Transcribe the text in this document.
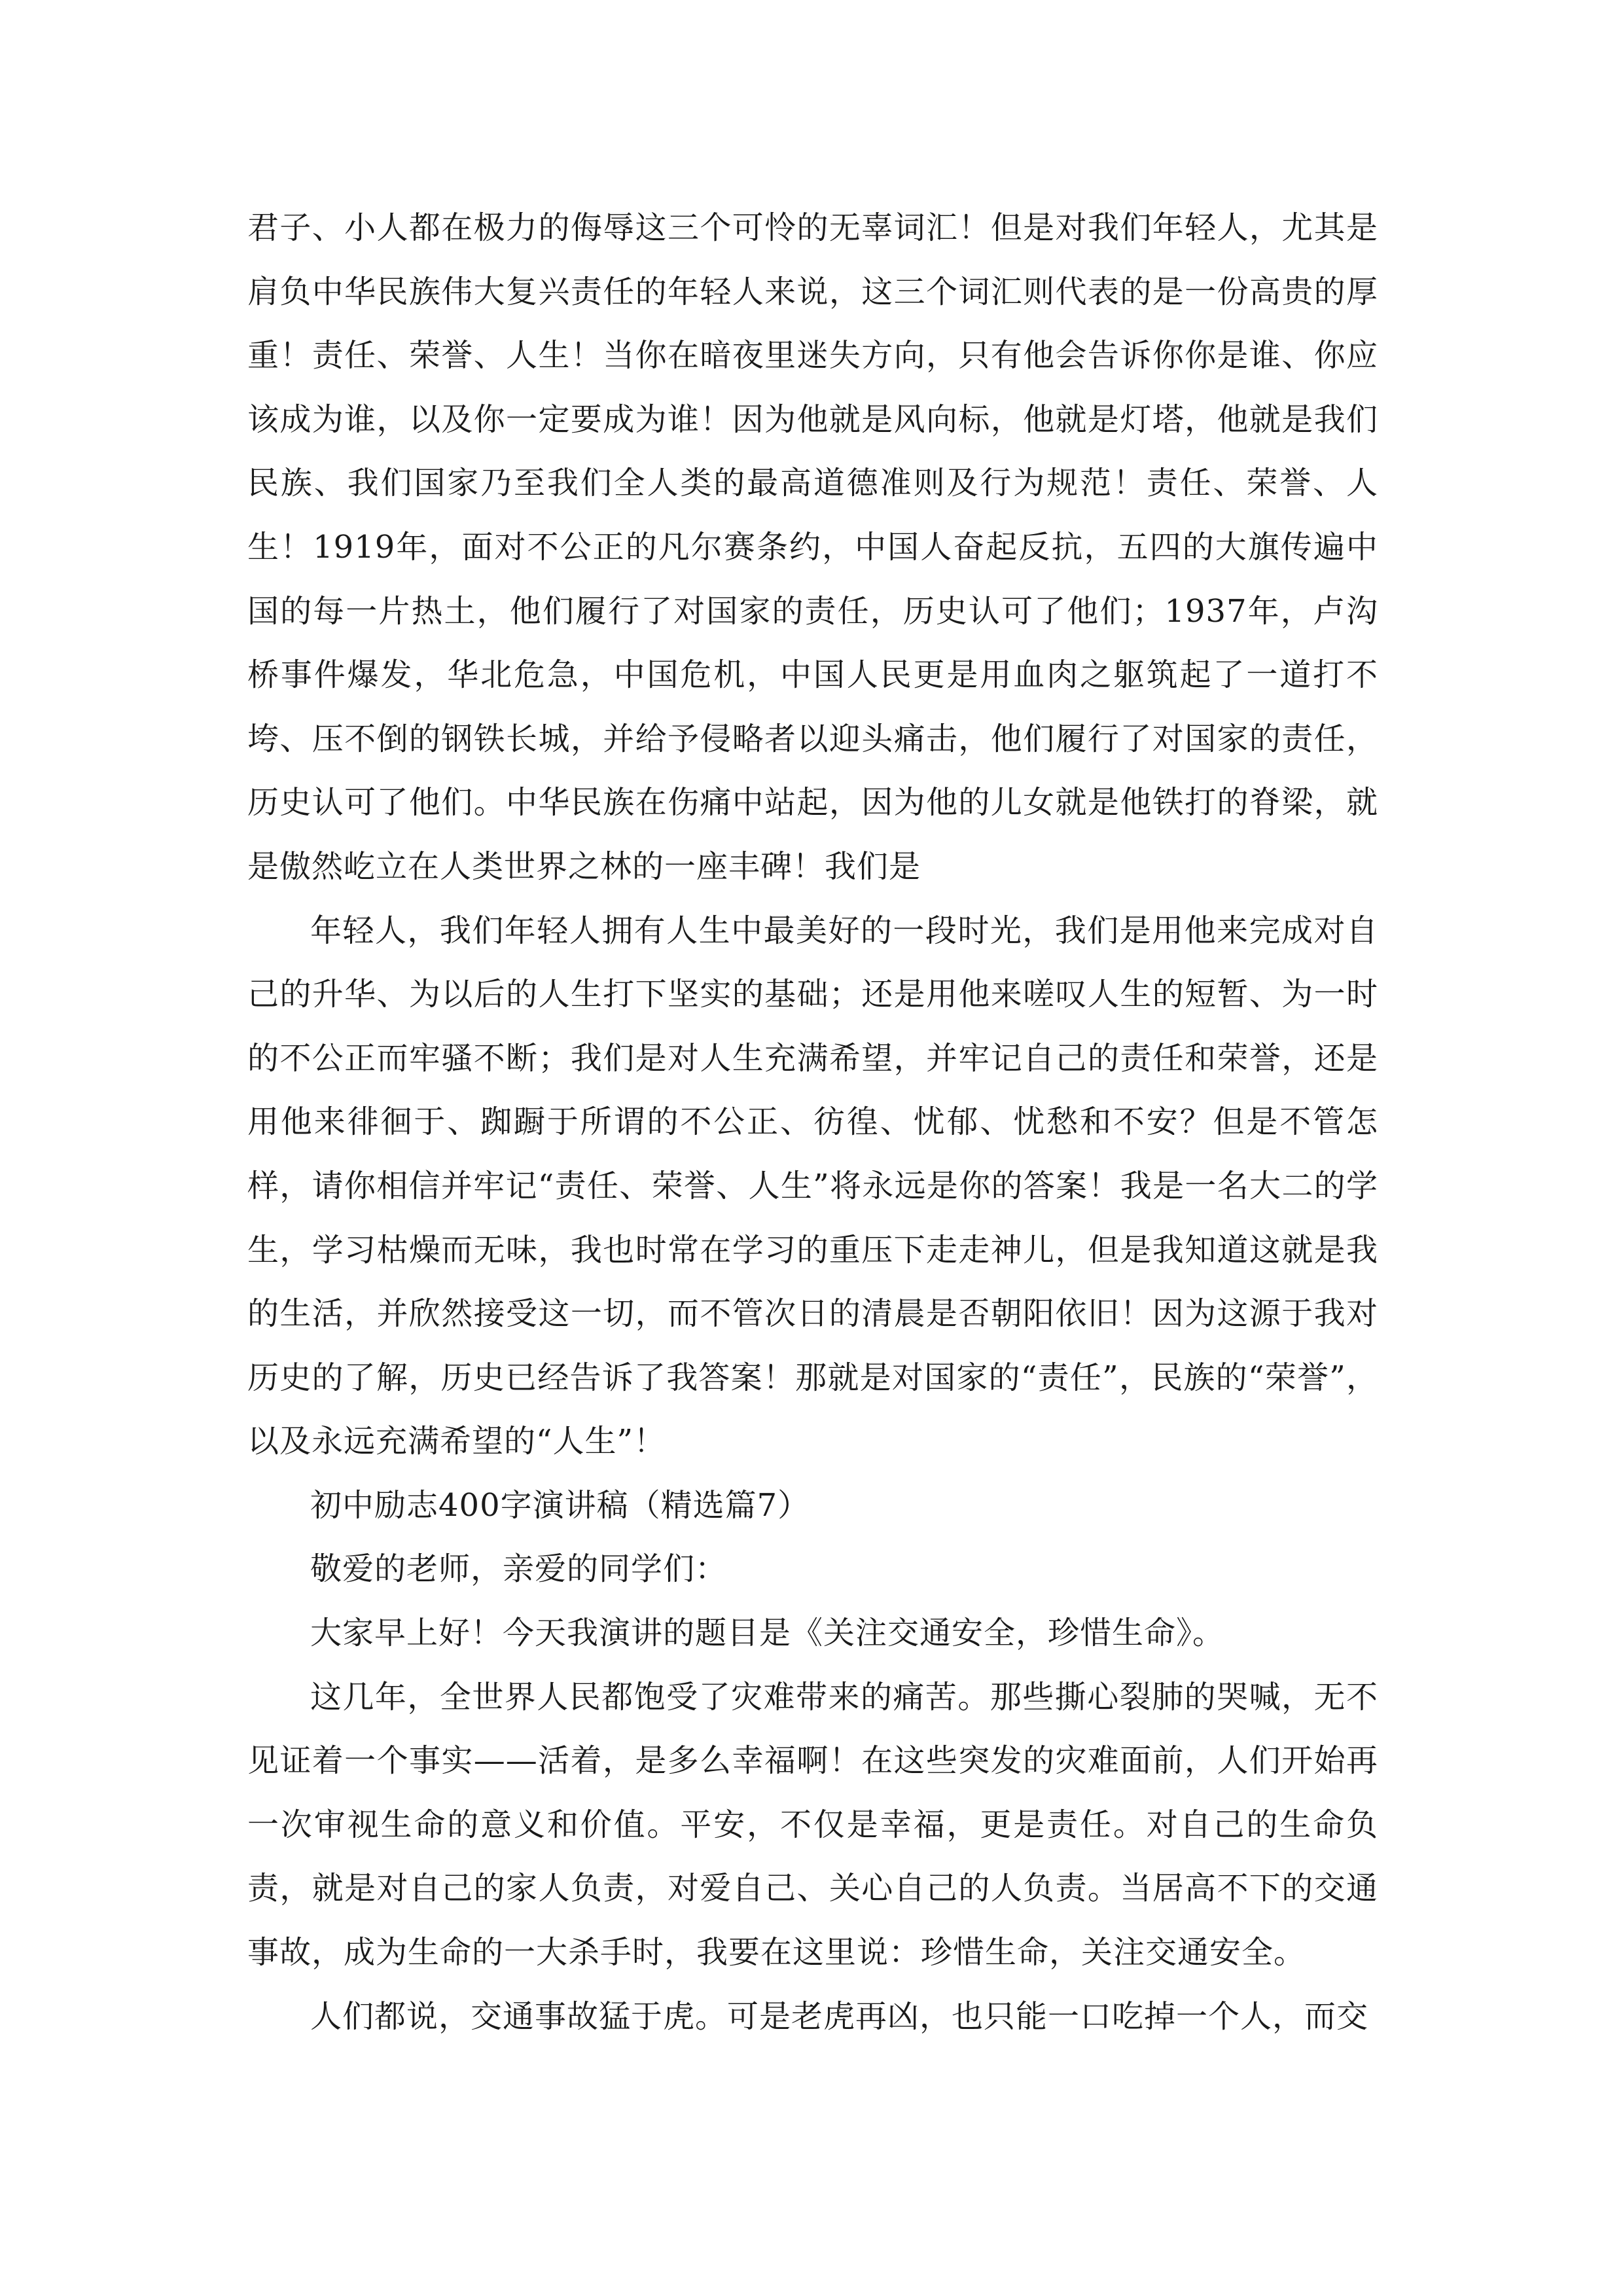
君子、小人都在极力的侮辱这三个可怜的无辜词汇！但是对我们年轻人，尤其是肩负中华民族伟大复兴责任的年轻人来说，这三个词汇则代表的是一份高贵的厚重！责任、荣誉、人生！当你在暗夜里迷失方向，只有他会告诉你你是谁、你应该成为谁，以及你一定要成为谁！因为他就是风向标，他就是灯塔，他就是我们民族、我们国家乃至我们全人类的最高道德准则及行为规范！责任、荣誉、人生！1919年，面对不公正的凡尔赛条约，中国人奋起反抗，五四的大旗传遍中国的每一片热土，他们履行了对国家的责任，历史认可了他们；1937年，卢沟桥事件爆发，华北危急，中国危机，中国人民更是用血肉之躯筑起了一道打不垮、压不倒的钢铁长城，并给予侵略者以迎头痛击，他们履行了对国家的责任，历史认可了他们。中华民族在伤痛中站起，因为他的儿女就是他铁打的脊梁，就是傲然屹立在人类世界之林的一座丰碑！我们是

年轻人，我们年轻人拥有人生中最美好的一段时光，我们是用他来完成对自己的升华、为以后的人生打下坚实的基础；还是用他来嗟叹人生的短暂、为一时的不公正而牢骚不断；我们是对人生充满希望，并牢记自己的责任和荣誉，还是用他来徘徊于、踟蹰于所谓的不公正、彷徨、忧郁、忧愁和不安？但是不管怎样，请你相信并牢记“责任、荣誉、人生”将永远是你的答案！我是一名大二的学生，学习枯燥而无味，我也时常在学习的重压下走走神儿，但是我知道这就是我的生活，并欣然接受这一切，而不管次日的清晨是否朝阳依旧！因为这源于我对历史的了解，历史已经告诉了我答案！那就是对国家的“责任”，民族的“荣誉”，以及永远充满希望的“人生”！

初中励志400字演讲稿（精选篇7）

敬爱的老师，亲爱的同学们：

大家早上好！今天我演讲的题目是《关注交通安全，珍惜生命》。

这几年，全世界人民都饱受了灾难带来的痛苦。那些撕心裂肺的哭喊，无不见证着一个事实——活着，是多么幸福啊！在这些突发的灾难面前，人们开始再一次审视生命的意义和价值。平安，不仅是幸福，更是责任。对自己的生命负责，就是对自己的家人负责，对爱自己、关心自己的人负责。当居高不下的交通事故，成为生命的一大杀手时，我要在这里说：珍惜生命，关注交通安全。

人们都说，交通事故猛于虎。可是老虎再凶，也只能一口吃掉一个人，而交
